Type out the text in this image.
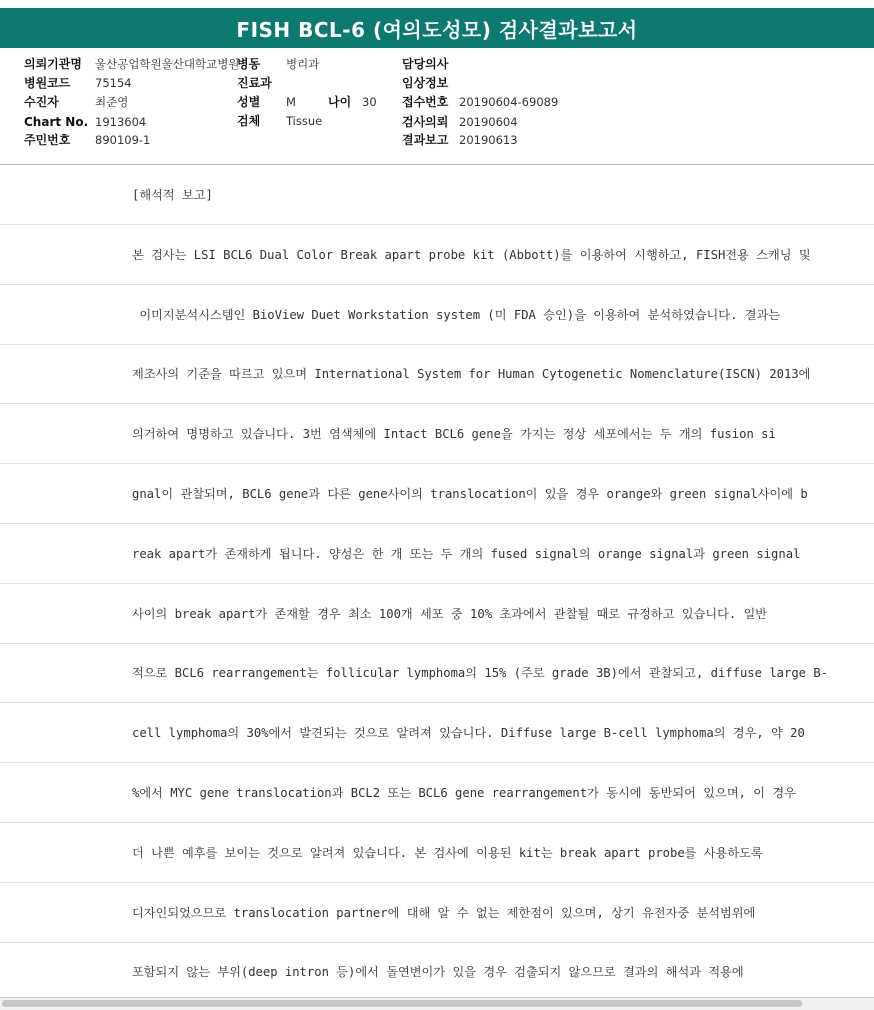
FISH BCL-6 (여의도성모) 검사결과보고서
의뢰기관명 울산공업학원울산대학교병원
병원코드 75154
수진자	최준영
Chart No. 1913604
주민번호 890109-1
병동 병리과
진료과
성별 M	나이 30
검체 Tissue
담당의사
임상정보
접수번호 20190604-69089
검사의뢰 20190604
결과보고 20190613
[해석적 보고]
본 검사는 LSI BCL6 Dual Color Break apart probe kit (Abbott)를 이용하여 시행하고, FISH전용 스캐닝 및
이미지분석시스템인 BioView Duet Workstation system (미 FDA 승인)을 이용하여 분석하였습니다. 결과는
제조사의 기준을 따르고 있으며 International System for Human Cytogenetic Nomenclature(ISCN) 2013에
의거하여 명명하고 있습니다. 3번 염색체에 Intact BCL6 gene을 가지는 정상 세포에서는 두 개의 fusion si
gnal이 관찰되며, BCL6 gene과 다른 gene사이의 translocation이 있을 경우 orange와 green signal사이에 b
reak apart가 존재하게 됩니다. 양성은 한 개 또는 두 개의 fused signal의 orange signal과 green signal
사이의 break apart가 존재할 경우 최소 100개 세포 중 10% 초과에서 관찰될 때로 규정하고 있습니다. 일반
적으로 BCL6 rearrangement는 follicular lymphoma의 15% (주로 grade 3B)에서 관찰되고, diffuse large B-
cell lymphoma의 30%에서 발견되는 것으로 알려져 있습니다. Diffuse large B-cell lymphoma의 경우, 약 20
%에서 MYC gene translocation과 BCL2 또는 BCL6 gene rearrangement가 동시에 동반되어 있으며, 이 경우
더 나쁜 예후를 보이는 것으로 알려져 있습니다. 본 검사에 이용된 kit는 break apart probe를 사용하도록
디자인되었으므로 translocation partner에 대해 알 수 없는 제한점이 있으며, 상기 유전자중 분석범위에
포함되지 않는 부위(deep intron 등)에서 돌연변이가 있을 경우 검출되지 않으므로 결과의 해석과 적용에
